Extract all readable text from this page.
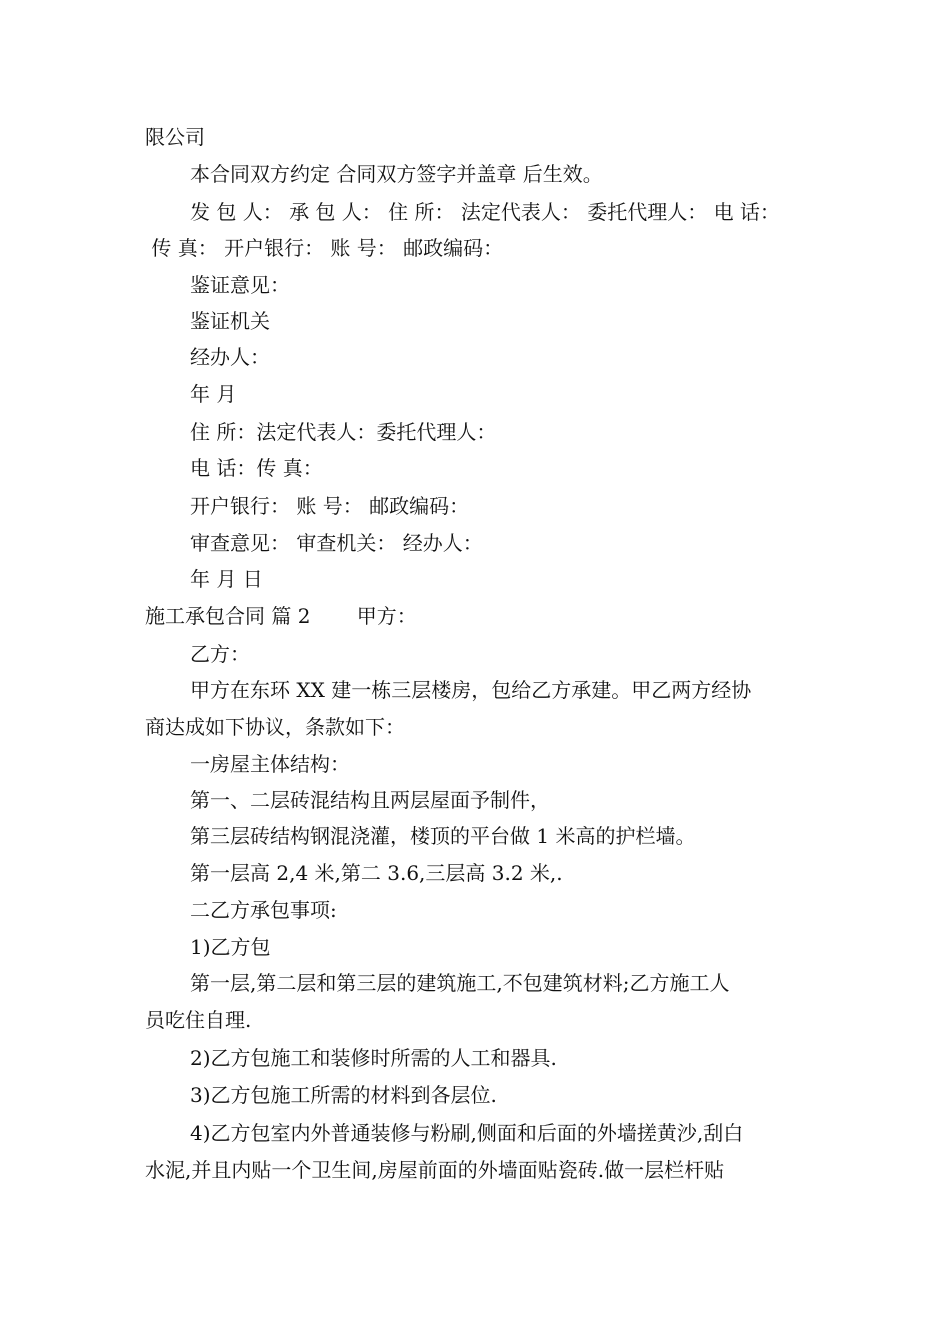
限公司
本合同双方约定 合同双方签字并盖章 后生效。
发 包 人： 承 包 人： 住 所： 法定代表人： 委托代理人： 电 话：
传 真： 开户银行： 账 号： 邮政编码：
鉴证意见：
鉴证机关
经办人：
年 月
住 所：法定代表人：委托代理人：
电 话：传 真：
开户银行： 账 号： 邮政编码：
审查意见： 审查机关： 经办人：
年 月 日
施工承包合同 篇 2　　 甲方：
乙方：
甲方在东环 XX 建一栋三层楼房，包给乙方承建。甲乙两方经协
商达成如下协议，条款如下：
一房屋主体结构：
第一、二层砖混结构且两层屋面予制件，
第三层砖结构钢混浇灌，楼顶的平台做 1 米高的护栏墙。
第一层高 2,4 米,第二 3.6,三层高 3.2 米,.
二乙方承包事项:
1)乙方包
第一层,第二层和第三层的建筑施工,不包建筑材料;乙方施工人
员吃住自理.
2)乙方包施工和装修时所需的人工和器具.
3)乙方包施工所需的材料到各层位.
4)乙方包室内外普通装修与粉刷,侧面和后面的外墙搓黄沙,刮白
水泥,并且内贴一个卫生间,房屋前面的外墙面贴瓷砖.做一层栏杆贴
